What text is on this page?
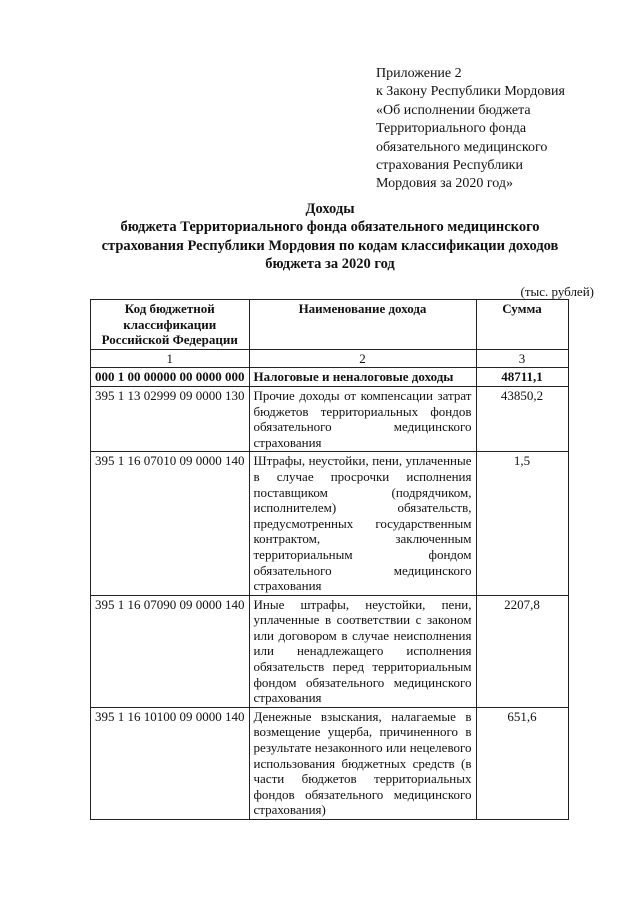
Приложение 2
к Закону Республики Мордовия
«Об исполнении бюджета
Территориального фонда
обязательного медицинского
страхования Республики
Мордовия за 2020 год»
Доходы
бюджета Территориального фонда обязательного медицинского
страхования Республики Мордовия по кодам классификации доходов
бюджета за 2020 год
(тыс. рублей)
Код бюджетной классификации Российской Федерации	Наименование дохода	Сумма
1	2	3
000 1 00 00000 00 0000 000	Налоговые и неналоговые доходы	48711,1
395 1 13 02999 09 0000 130	Прочие доходы от компенсации затрат бюджетов территориальных фондов обязательного медицинского страхования	43850,2
395 1 16 07010 09 0000 140	Штрафы, неустойки, пени, уплаченные в случае просрочки исполнения поставщиком (подрядчиком, исполнителем) обязательств, предусмотренных государственным контрактом, заключенным территориальным фондом обязательного медицинского страхования	1,5
395 1 16 07090 09 0000 140	Иные штрафы, неустойки, пени, уплаченные в соответствии с законом или договором в случае неисполнения или ненадлежащего исполнения обязательств перед территориальным фондом обязательного медицинского страхования	2207,8
395 1 16 10100 09 0000 140	Денежные взыскания, налагаемые в возмещение ущерба, причиненного в результате незаконного или нецелевого использования бюджетных средств (в части бюджетов территориальных фондов обязательного медицинского страхования)	651,6
